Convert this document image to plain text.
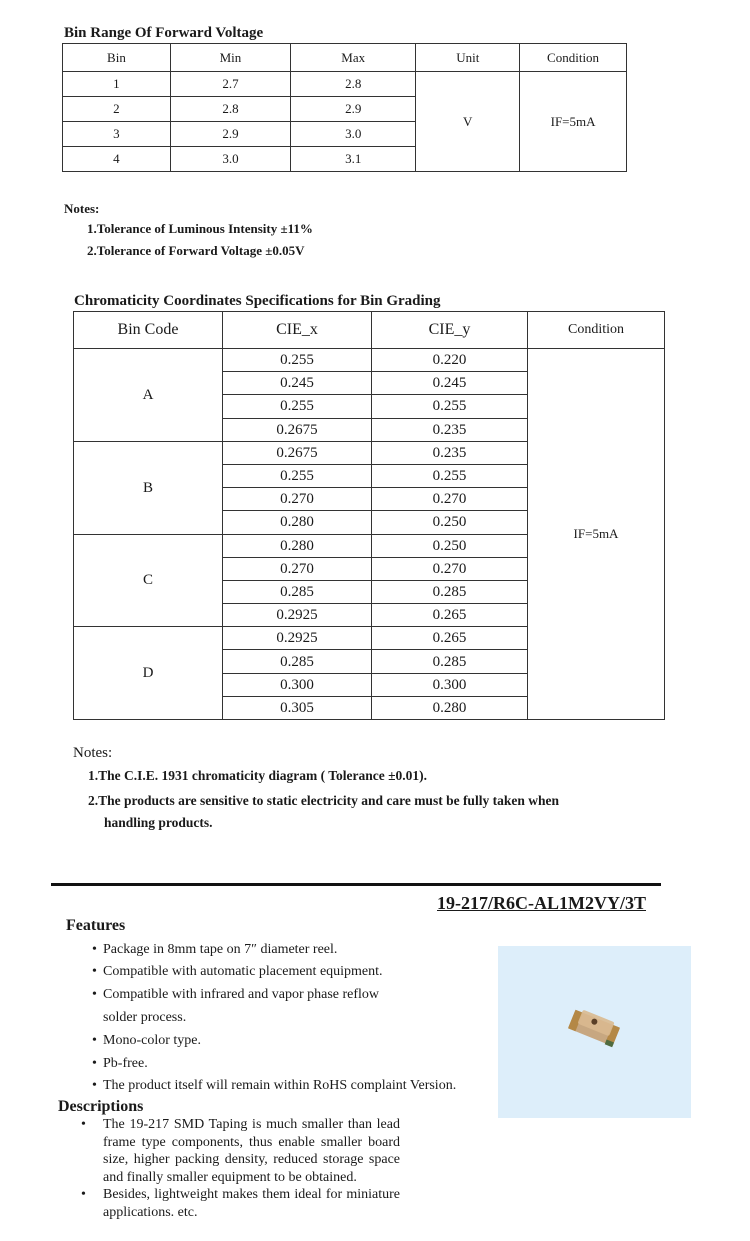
Bin Range Of Forward Voltage
Bin	Min	Max	Unit	Condition
1	2.7	2.8	V	IF=5mA
2	2.8	2.9		
3	2.9	3.0		
4	3.0	3.1		
Notes:
1.Tolerance of Luminous Intensity ±11%
2.Tolerance of Forward Voltage ±0.05V
Chromaticity Coordinates Specifications for Bin Grading
Bin Code	CIE_x	CIE_y	Condition
A	0.255	0.220	IF=5mA
	0.245	0.245	
	0.255	0.255	
	0.2675	0.235	
B	0.2675	0.235	
	0.255	0.255	
	0.270	0.270	
	0.280	0.250	
C	0.280	0.250	
	0.270	0.270	
	0.285	0.285	
	0.2925	0.265	
D	0.2925	0.265	
	0.285	0.285	
	0.300	0.300	
	0.305	0.280	
Notes:
1.The C.I.E. 1931 chromaticity diagram ( Tolerance ±0.01).
2.The products are sensitive to static electricity and care must be fully taken when
handling products.
19-217/R6C-AL1M2VY/3T
Features
• Package in 8mm tape on 7″ diameter reel.
• Compatible with automatic placement equipment.
• Compatible with infrared and vapor phase reflow
solder process.
• Mono-color type.
• Pb-free.
• The product itself will remain within RoHS complaint Version.
Descriptions

• The 19-217 SMD Taping is much smaller than lead frame type components, thus enable smaller board size, higher packing density, reduced storage space and finally smaller equipment to be obtained.

• Besides, lightweight makes them ideal for miniature applications. etc.
